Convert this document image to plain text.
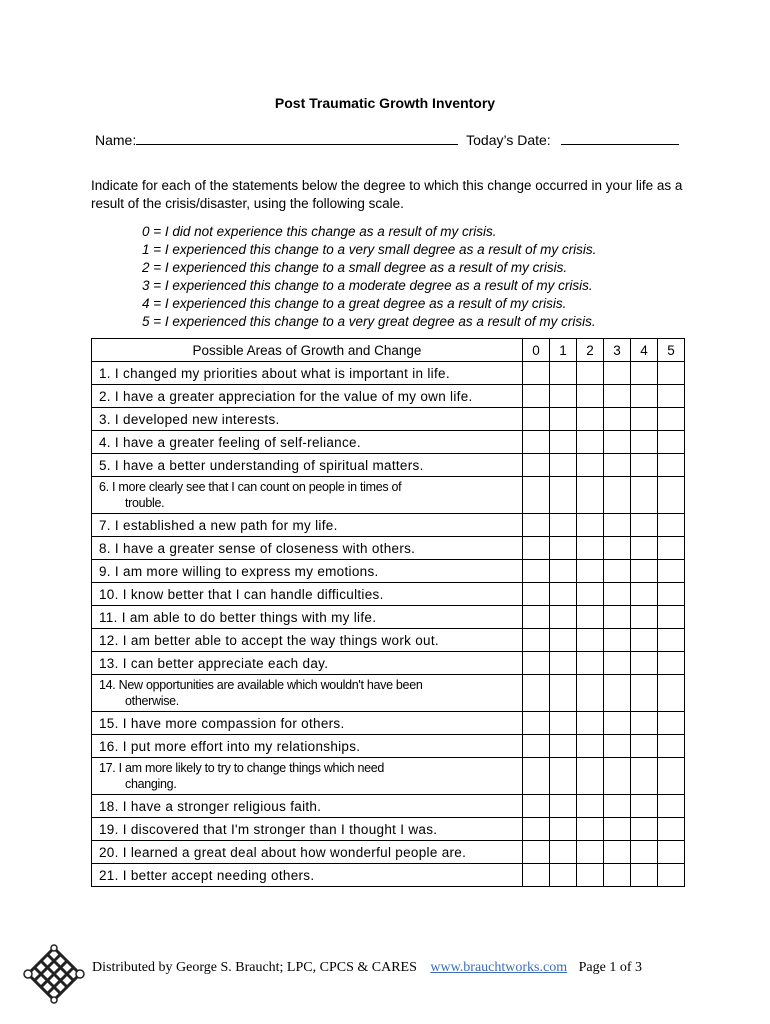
Post Traumatic Growth Inventory
Name:	Today’s Date:
Indicate for each of the statements below the degree to which this change occurred in your life as a result of the crisis/disaster, using the following scale.
0 = I did not experience this change as a result of my crisis.
1 = I experienced this change to a very small degree as a result of my crisis.
2 = I experienced this change to a small degree as a result of my crisis.
3 = I experienced this change to a moderate degree as a result of my crisis.
4 = I experienced this change to a great degree as a result of my crisis.
5 = I experienced this change to a very great degree as a result of my crisis.
Possible Areas of Growth and Change	0	1	2	3	4	5
1. I changed my priorities about what is important in life.						
2. I have a greater appreciation for the value of my own life.						
3. I developed new interests.						
4. I have a greater feeling of self-reliance.						
5. I have a better understanding of spiritual matters.						
6. I more clearly see that I can count on people in times of
trouble.						

7. I established a new path for my life.						
8. I have a greater sense of closeness with others.						
9. I am more willing to express my emotions.						
10. I know better that I can handle difficulties.						
11. I am able to do better things with my life.						
12. I am better able to accept the way things work out.						
13. I can better appreciate each day.						
14. New opportunities are available which wouldn't have been
otherwise.						

15. I have more compassion for others.						
16. I put more effort into my relationships.						
17. I am more likely to try to change things which need
changing.						

18. I have a stronger religious faith.						
19. I discovered that I'm stronger than I thought I was.						
20. I learned a great deal about how wonderful people are.						
21. I better accept needing others.						
Distributed by George S. Braucht; LPC, CPCS & CARES www.brauchtworks.com Page 1 of 3
